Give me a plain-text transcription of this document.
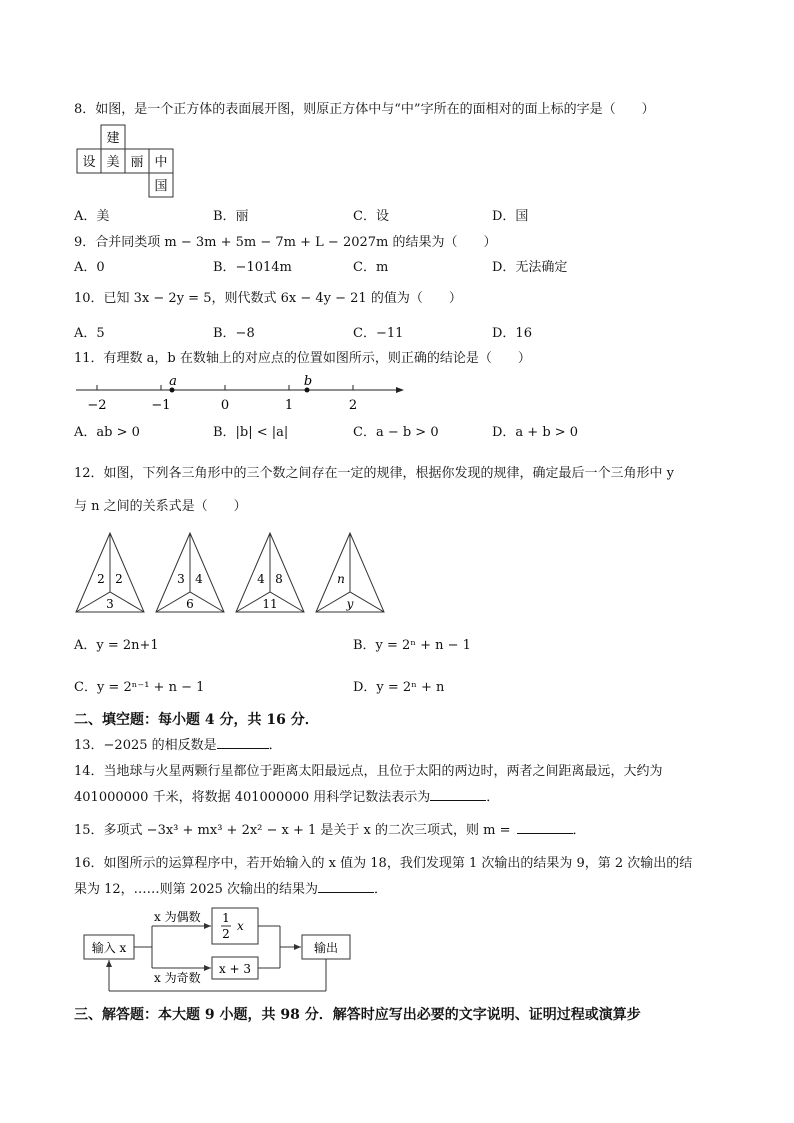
8．如图，是一个正方体的表面展开图，则原正方体中与“中”字所在的面相对的面上标的字是（　　）
建
设 美 丽 中
国
A．美	B．丽	C．设	D．国
9．合并同类项 m − 3m + 5m − 7m + L − 2027m 的结果为（　　）
A．0	B．−1014m	C．m	D．无法确定
10．已知 3x − 2y = 5，则代数式 6x − 4y − 21 的值为（　　）
A．5	B．−8	C．−11	D．16
11．有理数 a，b 在数轴上的对应点的位置如图所示，则正确的结论是（　　）
−2	−1	0	1	2
a	b
A．ab > 0	B．|b| < |a|	C．a − b > 0	D．a + b > 0
12．如图，下列各三角形中的三个数之间存在一定的规律，根据你发现的规律，确定最后一个三角形中 y
与 n 之间的关系式是（　　）
2 2
3
3 4
6
4 8
11
n
y
A．y = 2n+1	B．y = 2ⁿ + n − 1
C．y = 2ⁿ⁻¹ + n − 1	D．y = 2ⁿ + n
二、填空题：每小题 4 分，共 16 分．
13．−2025 的相反数是	．
14．当地球与火星两颗行星都位于距离太阳最远点，且位于太阳的两边时，两者之间距离最远，大约为
401000000 千米，将数据 401000000 用科学记数法表示为	．
15．多项式 −3x³ + mx³ + 2x² − x + 1 是关于 x 的二次三项式，则 m =	．
16．如图所示的运算程序中，若开始输入的 x 值为 18，我们发现第 1 次输出的结果为 9，第 2 次输出的结
果为 12，……则第 2025 次输出的结果为	．
输入 x	输出
x 为偶数
x 为奇数
1
2
x
x + 3
三、解答题：本大题 9 小题，共 98 分．解答时应写出必要的文字说明、证明过程或演算步
